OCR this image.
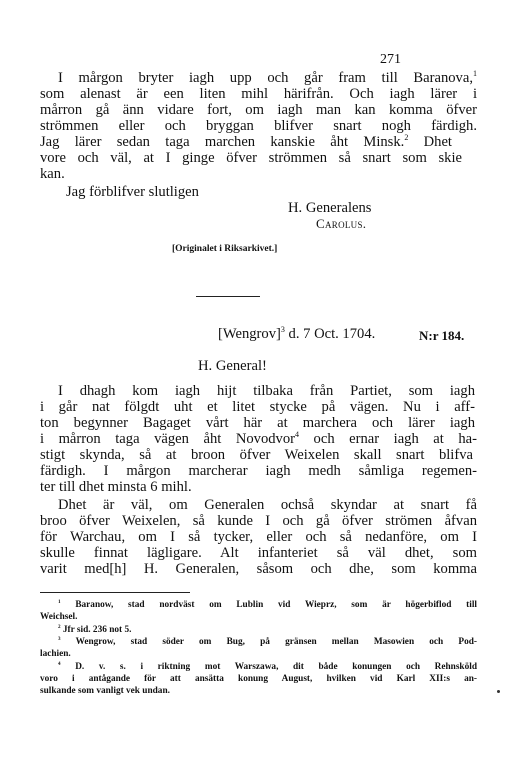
271
I mårgon bryter iagh upp och går fram till Baranova,$^1$
som alenast är een liten mihl härifrån. Och iagh lärer i
mårron gå änn vidare fort, om iagh man kan komma öfver
strömmen eller och bryggan blifver snart nogh färdigh.
Jag lärer sedan taga marchen kanskie åht Minsk.$^2$ Dhet
vore och väl, at I ginge öfver strömmen så snart som skie
kan.
Jag förblifver slutligen
H. Generalens
Carolus.
[Originalet i Riksarkivet.]
[Wengrov]$^3$ d. 7 Oct. 1704.	N:r 184.
H. General!
I dhagh kom iagh hijt tilbaka från Partiet, som iagh
i går nat fölgdt uht et litet stycke på vägen. Nu i aff-
ton begynner Bagaget vårt här at marchera och lärer iagh
i mårron taga vägen åht Novodvor$^4$ och ernar iagh at ha-
stigt skynda, så at broon öfver Weixelen skall snart blifva
färdigh. I mårgon marcherar iagh medh såmliga regemen-
ter till dhet minsta 6 mihl.
Dhet är väl, om Generalen ochså skyndar at snart få
broo öfver Weixelen, så kunde I och gå öfver strömen åfvan
för Warchau, om I så tycker, eller och så nedanföre, om I
skulle finnat lägligare. Alt infanteriet så väl dhet, som
varit med[h] H. Generalen, såsom och dhe, som komma
$^1$ Baranow, stad nordväst om Lublin vid Wieprz, som är högerbiflod till
Weichsel.
$^2$ Jfr sid. 236 not 5.
$^3$ Wengrow, stad söder om Bug, på gränsen mellan Masowien och Pod-
lachien.
$^4$ D. v. s. i riktning mot Warszawa, dit både konungen och Rehnsköld
voro i antågande för att ansätta konung August, hvilken vid Karl XII:s an-
sulkande som vanligt vek undan.
